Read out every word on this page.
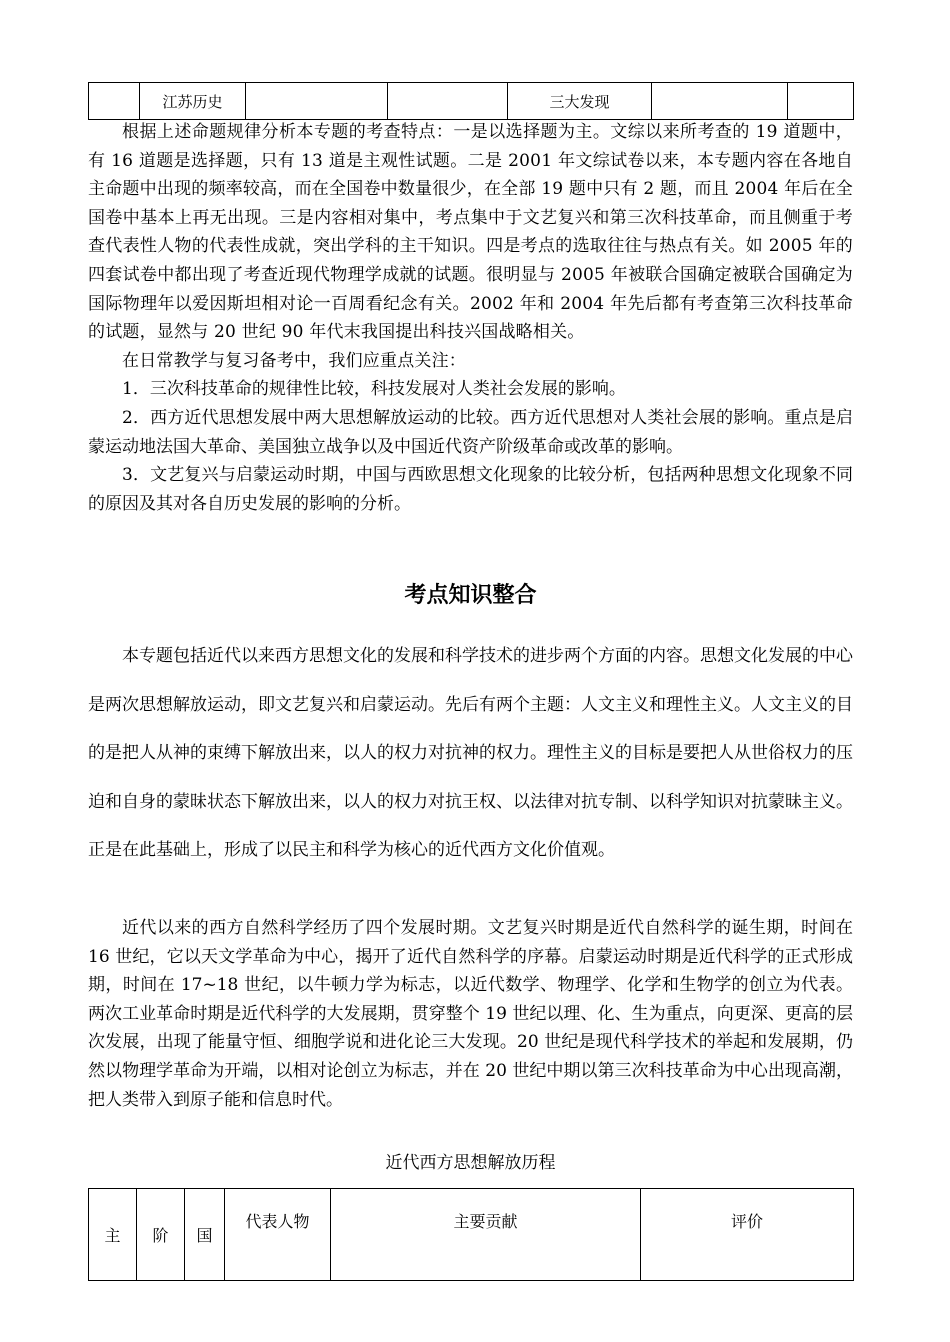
	江苏历史			三大发现		

根据上述命题规律分析本专题的考查特点：一是以选择题为主。文综以来所考查的 19 道题中，有 16 道题是选择题，只有 13 道是主观性试题。二是 2001 年文综试卷以来，本专题内容在各地自主命题中出现的频率较高，而在全国卷中数量很少，在全部 19 题中只有 2 题，而且 2004 年后在全国卷中基本上再无出现。三是内容相对集中，考点集中于文艺复兴和第三次科技革命，而且侧重于考查代表性人物的代表性成就，突出学科的主干知识。四是考点的选取往往与热点有关。如 2005 年的四套试卷中都出现了考查近现代物理学成就的试题。很明显与 2005 年被联合国确定被联合国确定为国际物理年以爱因斯坦相对论一百周看纪念有关。2002 年和 2004 年先后都有考查第三次科技革命的试题，显然与 20 世纪 90 年代末我国提出科技兴国战略相关。

在日常教学与复习备考中，我们应重点关注：

1．三次科技革命的规律性比较，科技发展对人类社会发展的影响。

2．西方近代思想发展中两大思想解放运动的比较。西方近代思想对人类社会展的影响。重点是启蒙运动地法国大革命、美国独立战争以及中国近代资产阶级革命或改革的影响。

3．文艺复兴与启蒙运动时期，中国与西欧思想文化现象的比较分析，包括两种思想文化现象不同的原因及其对各自历史发展的影响的分析。

考点知识整合

本专题包括近代以来西方思想文化的发展和科学技术的进步两个方面的内容。思想文化发展的中心是两次思想解放运动，即文艺复兴和启蒙运动。先后有两个主题：人文主义和理性主义。人文主义的目的是把人从神的束缚下解放出来，以人的权力对抗神的权力。理性主义的目标是要把人从世俗权力的压迫和自身的蒙昧状态下解放出来，以人的权力对抗王权、以法律对抗专制、以科学知识对抗蒙昧主义。正是在此基础上，形成了以民主和科学为核心的近代西方文化价值观。

近代以来的西方自然科学经历了四个发展时期。文艺复兴时期是近代自然科学的诞生期，时间在 16 世纪，它以天文学革命为中心，揭开了近代自然科学的序幕。启蒙运动时期是近代科学的正式形成期，时间在 17~18 世纪，以牛顿力学为标志，以近代数学、物理学、化学和生物学的创立为代表。两次工业革命时期是近代科学的大发展期，贯穿整个 19 世纪以理、化、生为重点，向更深、更高的层次发展，出现了能量守恒、细胞学说和进化论三大发现。20 世纪是现代科学技术的举起和发展期，仍然以物理学革命为开端，以相对论创立为标志，并在 20 世纪中期以第三次科技革命为中心出现高潮，把人类带入到原子能和信息时代。

近代西方思想解放历程

主	阶	国	代表人物	主要贡献	评价
